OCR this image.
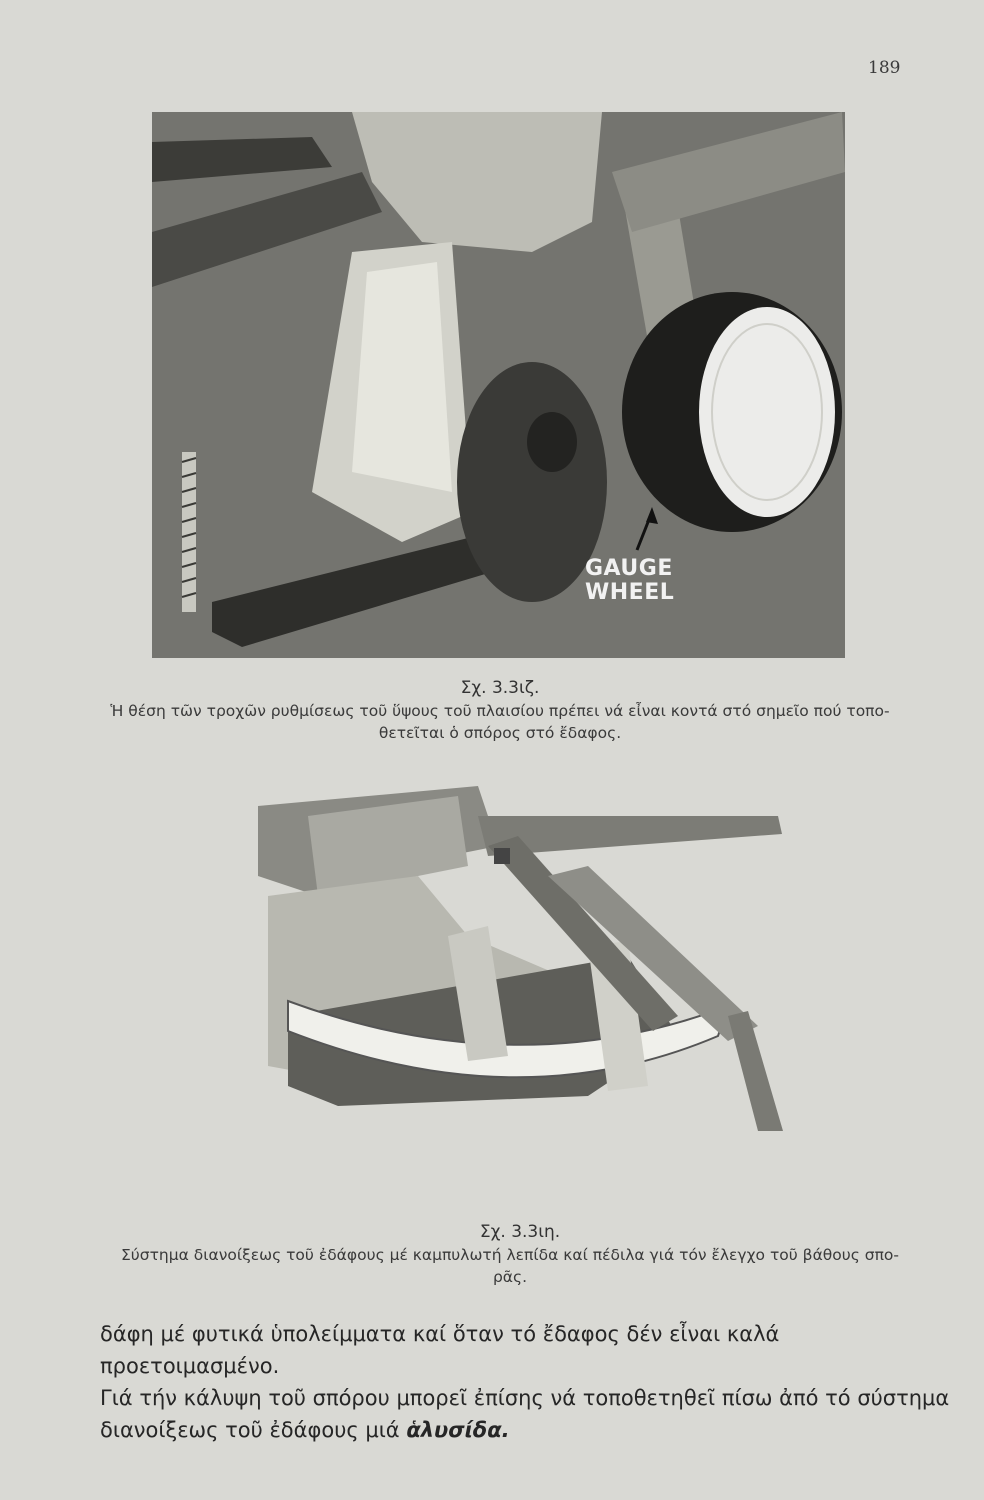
189
GAUGE
WHEEL
Σχ. 3.3ιζ.
Ἡ θέση τῶν τροχῶν ρυθμίσεως τοῦ ὕψους τοῦ πλαισίου πρέπει νά εἶναι κοντά στό σημεῖο πού τοπο-
θετεῖται ὁ σπόρος στό ἔδαφος.
Σχ. 3.3ιη.
Σύστημα διανοίξεως τοῦ ἐδάφους μέ καμπυλωτή λεπίδα καί πέδιλα γιά τόν ἔλεγχο τοῦ βάθους σπο-
ρᾶς.

δάφη μέ φυτικά ὑπολείμματα καί ὅταν τό ἔδαφος δέν εἶναι καλά προετοιμασμένο.

Γιά τήν κάλυψη τοῦ σπόρου μπορεῖ ἐπίσης νά τοποθετηθεῖ πίσω ἀπό τό σύστημα

διανοίξεως τοῦ ἐδάφους μιά ἁλυσίδα.
